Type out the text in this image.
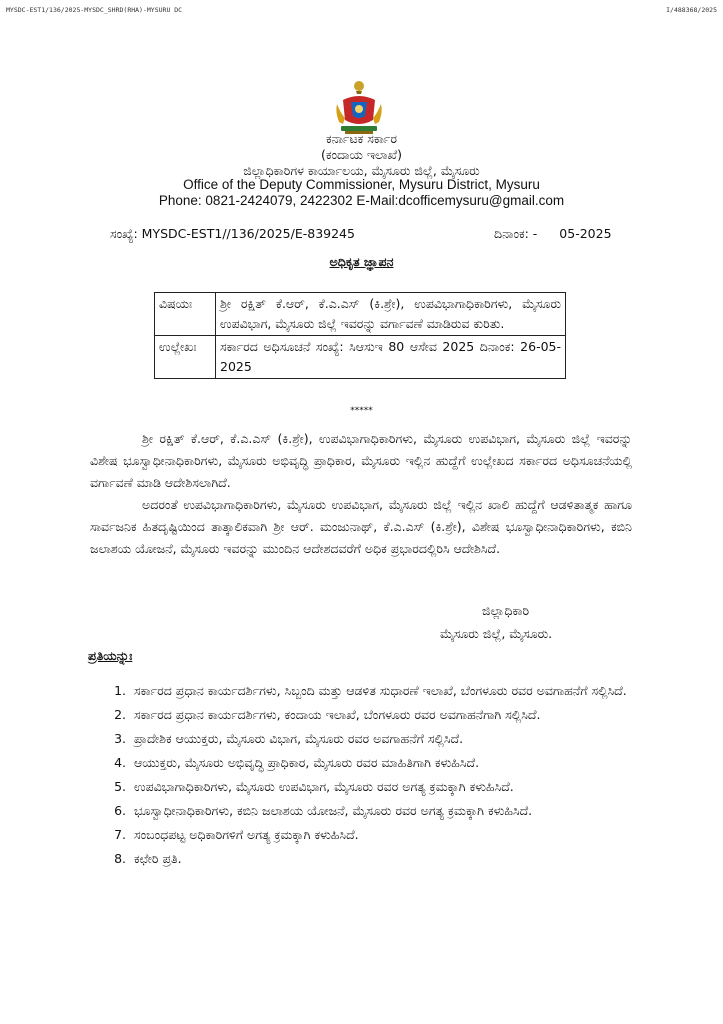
MYSDC-EST1/136/2025-MYSDC_SHRD(RHA)-MYSURU DC	I/488368/2025
ಕರ್ನಾಟಕ ಸರ್ಕಾರ
(ಕಂದಾಯ ಇಲಾಖೆ)
ಜಿಲ್ಲಾಧಿಕಾರಿಗಳ ಕಾರ್ಯಾಲಯ, ಮೈಸೂರು ಜಿಲ್ಲೆ, ಮೈಸೂರು
Office of the Deputy Commissioner, Mysuru District, Mysuru
Phone: 0821-2424079, 2422302 E-Mail:dcofficemysuru@gmail.com
ಸಂಖ್ಯೆ: MYSDC-EST1//136/2025/E-839245	ದಿನಾಂಕ: - 05-2025
ಅಧಿಕೃತ ಜ್ಞಾಪನ
ವಿಷಯಃ	ಶ್ರೀ ರಕ್ಷಿತ್ ಕೆ.ಆರ್, ಕೆ.ಎ.ಎಸ್ (ಕಿ.ಶ್ರೇ), ಉಪವಿಭಾಗಾಧಿಕಾರಿಗಳು, ಮೈಸೂರು ಉಪವಿಭಾಗ, ಮೈಸೂರು ಜಿಲ್ಲೆ ಇವರನ್ನು ವರ್ಗಾವಣೆ ಮಾಡಿರುವ ಕುರಿತು.
ಉಲ್ಲೇಖಃ	ಸರ್ಕಾರದ ಅಧಿಸೂಚನೆ ಸಂಖ್ಯೆ: ಸಿಆಸುಇ 80 ಆಸೇವ 2025 ದಿನಾಂಕ: 26-05-2025
*****
ಶ್ರೀ ರಕ್ಷಿತ್ ಕೆ.ಆರ್, ಕೆ.ಎ.ಎಸ್ (ಕಿ.ಶ್ರೇ), ಉಪವಿಭಾಗಾಧಿಕಾರಿಗಳು, ಮೈಸೂರು ಉಪವಿಭಾಗ, ಮೈಸೂರು ಜಿಲ್ಲೆ ಇವರನ್ನು ವಿಶೇಷ ಭೂಸ್ವಾಧೀನಾಧಿಕಾರಿಗಳು, ಮೈಸೂರು ಅಭಿವೃದ್ಧಿ ಪ್ರಾಧಿಕಾರ, ಮೈಸೂರು ಇಲ್ಲಿನ ಹುದ್ದೆಗೆ ಉಲ್ಲೇಖದ ಸರ್ಕಾರದ ಅಧಿಸೂಚನೆಯಲ್ಲಿ ವರ್ಗಾವಣೆ ಮಾಡಿ ಆದೇಶಿಸಲಾಗಿದೆ.
ಅದರಂತೆ ಉಪವಿಭಾಗಾಧಿಕಾರಿಗಳು, ಮೈಸೂರು ಉಪವಿಭಾಗ, ಮೈಸೂರು ಜಿಲ್ಲೆ ಇಲ್ಲಿನ ಖಾಲಿ ಹುದ್ದೆಗೆ ಆಡಳಿತಾತ್ಮಕ ಹಾಗೂ ಸಾರ್ವಜನಿಕ ಹಿತದೃಷ್ಟಿಯಿಂದ ತಾತ್ಕಾಲಿಕವಾಗಿ ಶ್ರೀ ಆರ್. ಮಂಜುನಾಥ್, ಕೆ.ಎ.ಎಸ್ (ಕಿ.ಶ್ರೇ), ವಿಶೇಷ ಭೂಸ್ವಾಧೀನಾಧಿಕಾರಿಗಳು, ಕಬಿನಿ ಜಲಾಶಯ ಯೋಜನೆ, ಮೈಸೂರು ಇವರನ್ನು ಮುಂದಿನ ಆದೇಶದವರೆಗೆ ಅಧಿಕ ಪ್ರಭಾರದಲ್ಲಿರಿಸಿ ಆದೇಶಿಸಿದೆ.
ಜಿಲ್ಲಾಧಿಕಾರಿ
ಮೈಸೂರು ಜಿಲ್ಲೆ, ಮೈಸೂರು.
ಪ್ರತಿಯನ್ನುಃ
1. ಸರ್ಕಾರದ ಪ್ರಧಾನ ಕಾರ್ಯದರ್ಶಿಗಳು, ಸಿಬ್ಬಂದಿ ಮತ್ತು ಆಡಳಿತ ಸುಧಾರಣೆ ಇಲಾಖೆ, ಬೆಂಗಳೂರು ರವರ ಅವಗಾಹನೆಗೆ ಸಲ್ಲಿಸಿದೆ.
2. ಸರ್ಕಾರದ ಪ್ರಧಾನ ಕಾರ್ಯದರ್ಶಿಗಳು, ಕಂದಾಯ ಇಲಾಖೆ, ಬೆಂಗಳೂರು ರವರ ಅವಗಾಹನೆಗಾಗಿ ಸಲ್ಲಿಸಿದೆ.
3. ಪ್ರಾದೇಶಿಕ ಆಯುಕ್ತರು, ಮೈಸೂರು ವಿಭಾಗ, ಮೈಸೂರು ರವರ ಅವಗಾಹನೆಗೆ ಸಲ್ಲಿಸಿದೆ.
4. ಆಯುಕ್ತರು, ಮೈಸೂರು ಅಭಿವೃದ್ಧಿ ಪ್ರಾಧಿಕಾರ, ಮೈಸೂರು ರವರ ಮಾಹಿತಿಗಾಗಿ ಕಳುಹಿಸಿದೆ.
5. ಉಪವಿಭಾಗಾಧಿಕಾರಿಗಳು, ಮೈಸೂರು ಉಪವಿಭಾಗ, ಮೈಸೂರು ರವರ ಅಗತ್ಯ ಕ್ರಮಕ್ಕಾಗಿ ಕಳುಹಿಸಿದೆ.
6. ಭೂಸ್ವಾಧೀನಾಧಿಕಾರಿಗಳು, ಕಬಿನಿ ಜಲಾಶಯ ಯೋಜನೆ, ಮೈಸೂರು ರವರ ಅಗತ್ಯ ಕ್ರಮಕ್ಕಾಗಿ ಕಳುಹಿಸಿದೆ.
7. ಸಂಬಂಧಪಟ್ಟ ಅಧಿಕಾರಿಗಳಿಗೆ ಅಗತ್ಯ ಕ್ರಮಕ್ಕಾಗಿ ಕಳುಹಿಸಿದೆ.
8. ಕಛೇರಿ ಪ್ರತಿ.
